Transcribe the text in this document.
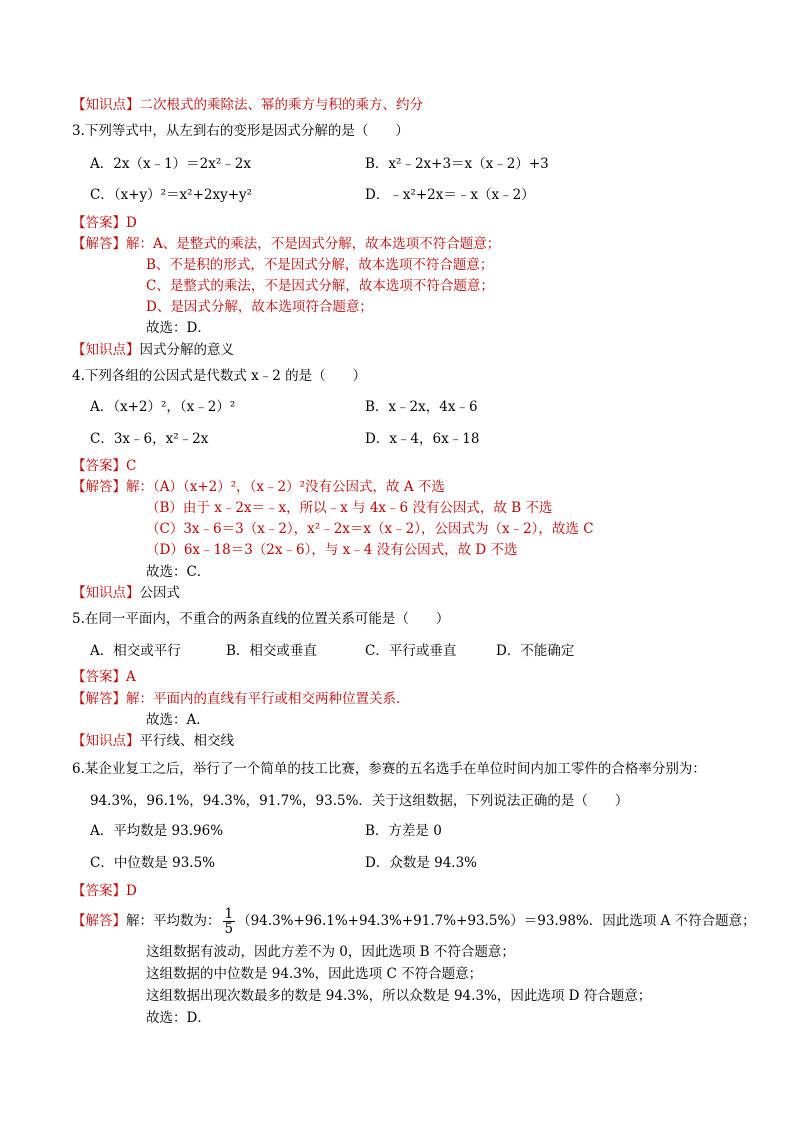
【知识点】二次根式的乘除法、幂的乘方与积的乘方、约分
3.下列等式中，从左到右的变形是因式分解的是（　　）
A．2x（x﹣1）＝2x²﹣2x	B．x²﹣2x+3＝x（x﹣2）+3
C．（x+y）²＝x²+2xy+y²	D．﹣x²+2x＝﹣x（x﹣2）
【答案】D
【解答】解：A、是整式的乘法，不是因式分解，故本选项不符合题意；
B、不是积的形式，不是因式分解，故本选项不符合题意；
C、是整式的乘法，不是因式分解，故本选项不符合题意；
D、是因式分解，故本选项符合题意；
故选：D．
【知识点】因式分解的意义
4.下列各组的公因式是代数式 x﹣2 的是（　　）
A．（x+2）²，（x﹣2）²	B．x﹣2x，4x﹣6
C．3x﹣6，x²﹣2x	D．x﹣4，6x﹣18
【答案】C
【解答】解：（A）（x+2）²，（x﹣2）²没有公因式，故 A 不选
（B）由于 x﹣2x＝﹣x，所以﹣x 与 4x﹣6 没有公因式，故 B 不选
（C）3x﹣6＝3（x﹣2），x²﹣2x＝x（x﹣2），公因式为（x﹣2），故选 C
（D）6x﹣18＝3（2x﹣6），与 x﹣4 没有公因式，故 D 不选
故选：C．
【知识点】公因式
5.在同一平面内，不重合的两条直线的位置关系可能是（　　）
A．相交或平行	B．相交或垂直	C．平行或垂直	D．不能确定
【答案】A
【解答】解：平面内的直线有平行或相交两种位置关系．
故选：A．
【知识点】平行线、相交线
6.某企业复工之后，举行了一个简单的技工比赛，参赛的五名选手在单位时间内加工零件的合格率分别为：
94.3%，96.1%，94.3%，91.7%，93.5%．关于这组数据，下列说法正确的是（　　）
A．平均数是 93.96%	B．方差是 0
C．中位数是 93.5%	D．众数是 94.3%
【答案】D
【解答】解：平均数为： $\frac{1}{5} (94.3\%+96.1\%+94.3\%+91.7\%+93.5\%)=93.98\%$．因此选项 A 不符合题意；
这组数据有波动，因此方差不为 0，因此选项 B 不符合题意；
这组数据的中位数是 94.3%，因此选项 C 不符合题意；
这组数据出现次数最多的数是 94.3%，所以众数是 94.3%，因此选项 D 符合题意；
故选：D．
